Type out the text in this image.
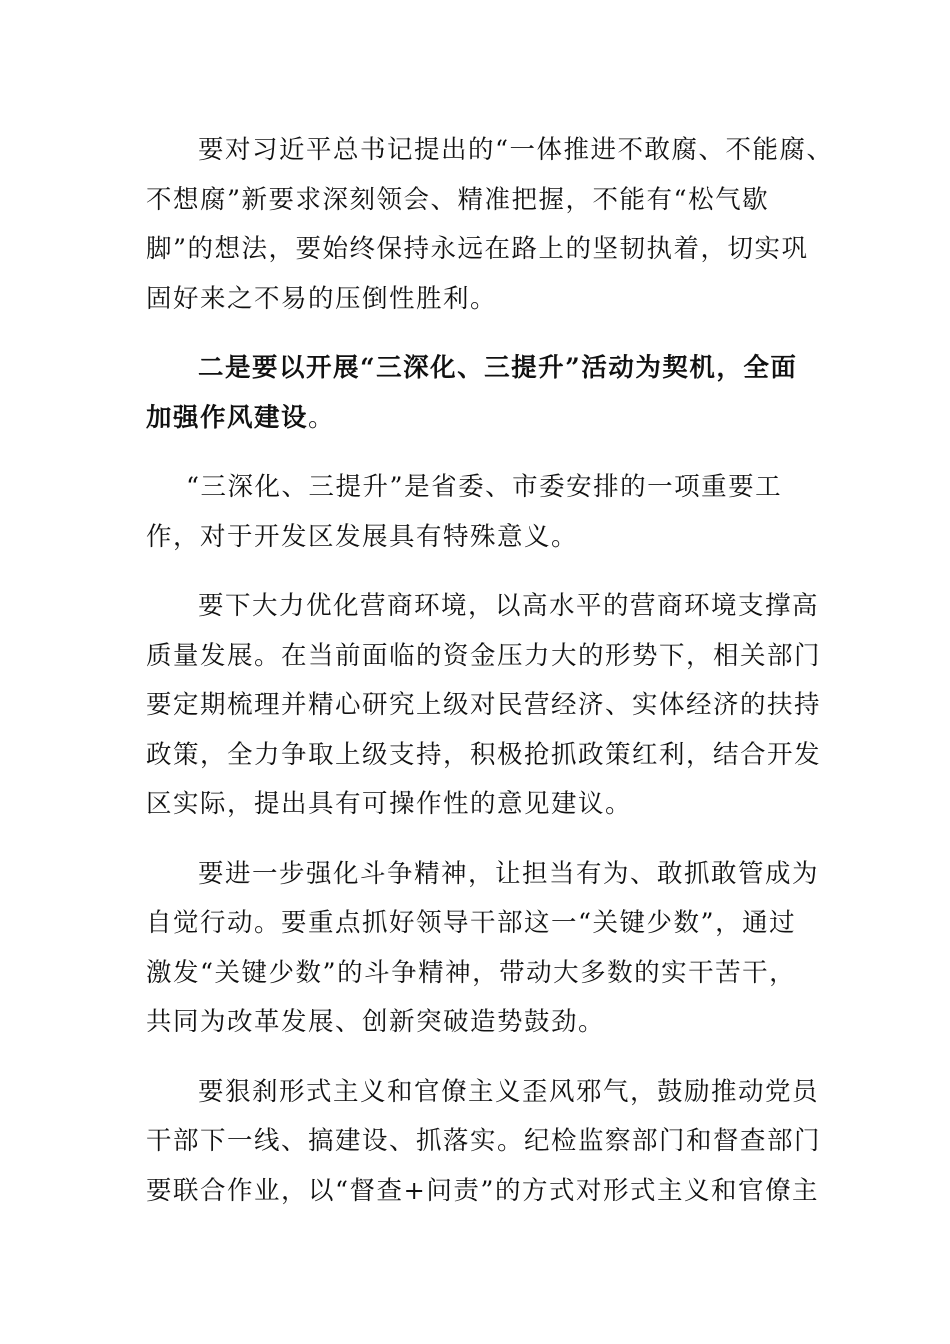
要对习近平总书记提出的“一体推进不敢腐、不能腐、
不想腐”新要求深刻领会、精准把握，不能有“松气歇
脚”的想法，要始终保持永远在路上的坚韧执着，切实巩
固好来之不易的压倒性胜利。

二是要以开展“三深化、三提升”活动为契机，全面
加强作风建设。

“三深化、三提升”是省委、市委安排的一项重要工
作，对于开发区发展具有特殊意义。

要下大力优化营商环境，以高水平的营商环境支撑高
质量发展。在当前面临的资金压力大的形势下，相关部门
要定期梳理并精心研究上级对民营经济、实体经济的扶持
政策，全力争取上级支持，积极抢抓政策红利，结合开发
区实际，提出具有可操作性的意见建议。

要进一步强化斗争精神，让担当有为、敢抓敢管成为
自觉行动。要重点抓好领导干部这一“关键少数”，通过
激发“关键少数”的斗争精神，带动大多数的实干苦干，
共同为改革发展、创新突破造势鼓劲。

要狠刹形式主义和官僚主义歪风邪气，鼓励推动党员
干部下一线、搞建设、抓落实。纪检监察部门和督查部门
要联合作业，以“督查+问责”的方式对形式主义和官僚主
